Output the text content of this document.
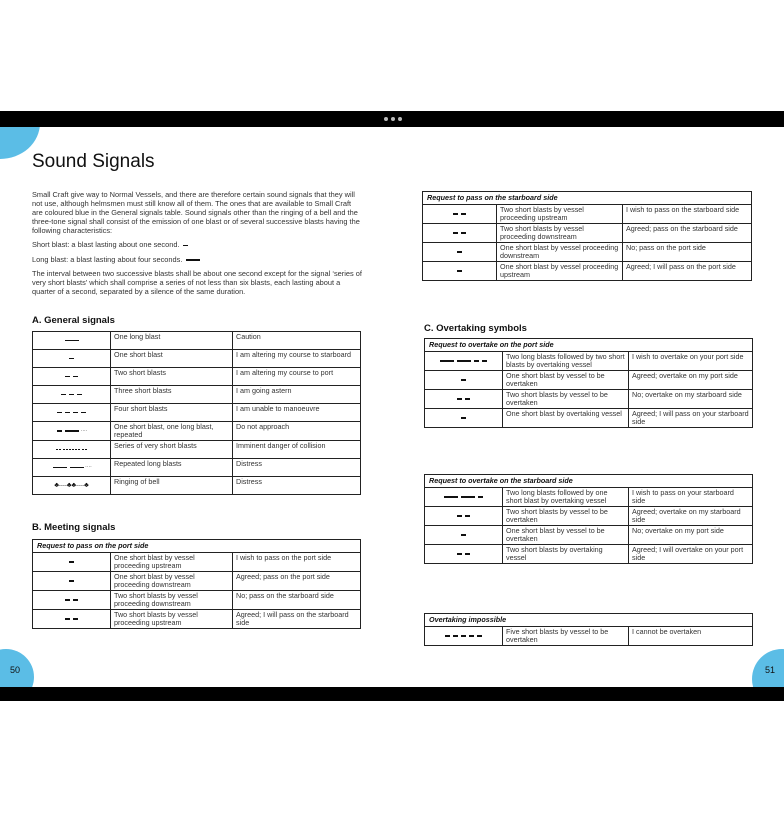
Sound Signals

Small Craft give way to Normal Vessels, and there are therefore certain sound signals that they will not use, although helmsmen must still know all of them. The ones that are available to Small Craft are coloured blue in the General signals table. Sound signals other than the ringing of a bell and the three-tone signal shall consist of the emission of one blast or of several successive blasts having the following characteristics:

Short blast: a blast lasting about one second.

Long blast: a blast lasting about four seconds.

The interval between two successive blasts shall be about one second except for the signal ‘series of very short blasts’ which shall comprise a series of not less than six blasts, each lasting about a quarter of a second, separated by a silence of the same duration.

A. General signals
	One long blast	Caution
	One short blast	I am altering my course to starboard
	Two short blasts	I am altering my course to port
	Three short blasts	I am going astern
	Four short blasts	I am unable to manoeuvre
····	One short blast, one long blast, repeated	Do not approach
	Series of very short blasts	Imminent danger of collision
····	Repeated long blasts	Distress
♣----♣♣----♣	Ringing of bell	Distress
B. Meeting signals
Request to pass on the port side		
	One short blast by vessel proceeding upstream	I wish to pass on the port side
	One short blast by vessel proceeding downstream	Agreed; pass on the port side
	Two short blasts by vessel proceeding downstream	No; pass on the starboard side
	Two short blasts by vessel proceeding upstream	Agreed; I will pass on the starboard side
50
Request to pass on the starboard side		
	Two short blasts by vessel proceeding upstream	I wish to pass on the starboard side
	Two short blasts by vessel proceeding downstream	Agreed; pass on the starboard side
	One short blast by vessel proceeding downstream	No; pass on the port side
	One short blast by vessel proceeding upstream	Agreed; I will pass on the port side
C. Overtaking symbols
Request to overtake on the port side		
	Two long blasts followed by two short blasts by overtaking vessel	I wish to overtake on your port side
	One short blast by vessel to be overtaken	Agreed; overtake on my port side
	Two short blasts by vessel to be overtaken	No; overtake on my starboard side
	One short blast by overtaking vessel	Agreed; I will pass on your starboard side
Request to overtake on the starboard side		
	Two long blasts followed by one short blast by overtaking vessel	I wish to pass on your starboard side
	Two short blasts by vessel to be overtaken	Agreed; overtake on my starboard side
	One short blast by vessel to be overtaken	No; overtake on my port side
	Two short blasts by overtaking vessel	Agreed; I will overtake on your port side
Overtaking impossible
	Five short blasts by vessel to be overtaken	I cannot be overtaken
51
